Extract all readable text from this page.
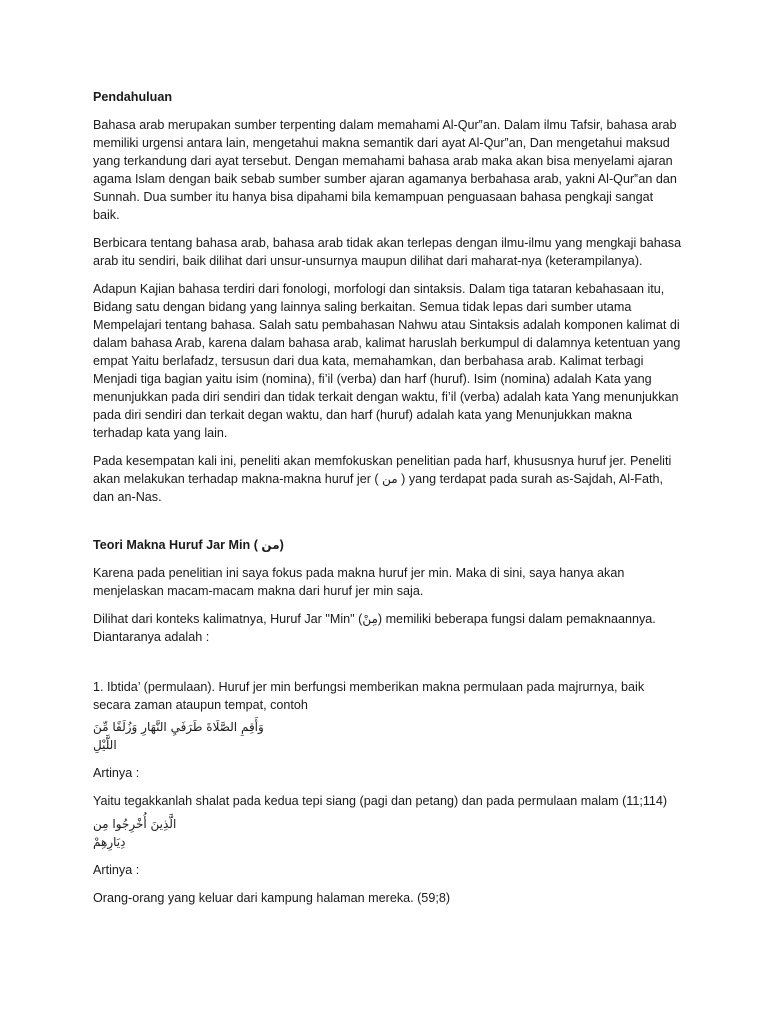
Pendahuluan

Bahasa arab merupakan sumber terpenting dalam memahami Al-Qur‟an. Dalam ilmu Tafsir, bahasa arab memiliki urgensi antara lain, mengetahui makna semantik dari ayat Al-Qur‟an, Dan mengetahui maksud yang terkandung dari ayat tersebut. Dengan memahami bahasa arab maka akan bisa menyelami ajaran agama Islam dengan baik sebab sumber sumber ajaran agamanya berbahasa arab, yakni Al-Qur‟an dan Sunnah. Dua sumber itu hanya bisa dipahami bila kemampuan penguasaan bahasa pengkaji sangat baik.

Berbicara tentang bahasa arab, bahasa arab tidak akan terlepas dengan ilmu-ilmu yang mengkaji bahasa arab itu sendiri, baik dilihat dari unsur-unsurnya maupun dilihat dari maharat-nya (keterampilanya).

Adapun Kajian bahasa terdiri dari fonologi, morfologi dan sintaksis. Dalam tiga tataran kebahasaan itu, Bidang satu dengan bidang yang lainnya saling berkaitan. Semua tidak lepas dari sumber utama Mempelajari tentang bahasa. Salah satu pembahasan Nahwu atau Sintaksis adalah komponen kalimat di dalam bahasa Arab, karena dalam bahasa arab, kalimat haruslah berkumpul di dalamnya ketentuan yang empat Yaitu berlafadz, tersusun dari dua kata, memahamkan, dan berbahasa arab. Kalimat terbagi Menjadi tiga bagian yaitu isim (nomina), fi’il (verba) dan harf (huruf). Isim (nomina) adalah Kata yang menunjukkan pada diri sendiri dan tidak terkait dengan waktu, fi’il (verba) adalah kata Yang menunjukkan pada diri sendiri dan terkait degan waktu, dan harf (huruf) adalah kata yang Menunjukkan makna terhadap kata yang lain.

Pada kesempatan kali ini, peneliti akan memfokuskan penelitian pada harf, khususnya huruf jer. Peneliti akan melakukan terhadap makna-makna huruf jer ( من ) yang terdapat pada surah as-Sajdah, Al-Fath, dan an-Nas.

Teori Makna Huruf Jar Min ( من)

Karena pada penelitian ini saya fokus pada makna huruf jer min. Maka di sini, saya hanya akan menjelaskan macam-macam makna dari huruf jer min saja.

Dilihat dari konteks kalimatnya, Huruf Jar "Min" (مِنْ) memiliki beberapa fungsi dalam pemaknaannya. Diantaranya adalah :

1. Ibtida’ (permulaan). Huruf jer min berfungsi memberikan makna permulaan pada majrurnya, baik secara zaman ataupun tempat, contoh

وَأَقِمِ الصَّلَاةَ طَرَفَيِ النَّهَارِ وَزُلَفًا مِّنَ اللَّيْلِ

Artinya :

Yaitu tegakkanlah shalat pada kedua tepi siang (pagi dan petang) dan pada permulaan malam (11;114)

الَّذِينَ أُخْرِجُوا مِن دِيَارِهِمْ

Artinya :

Orang-orang yang keluar dari kampung halaman mereka. (59;8)
